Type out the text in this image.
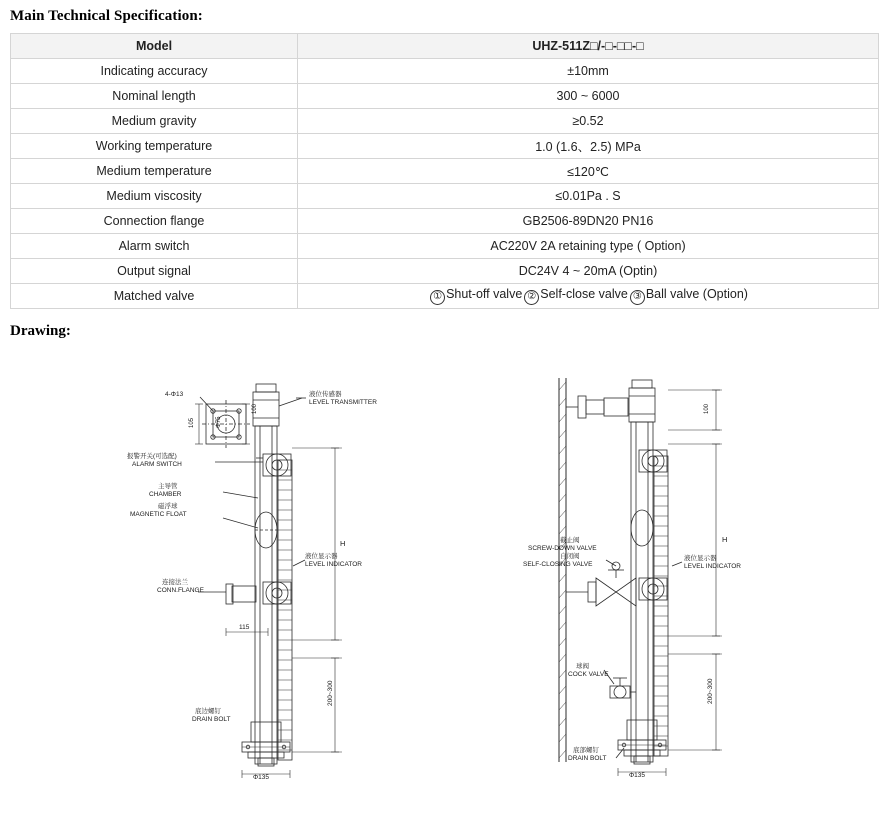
Main Technical Specification:
Model	UHZ-511Z□/-□-□□-□
Indicating accuracy	±10mm
Nominal length	300 ~ 6000
Medium gravity	≥0.52
Working temperature	1.0 (1.6、2.5) MPa
Medium temperature	≤120℃
Medium viscosity	≤0.01Pa . S
Connection flange	GB2506-89DN20 PN16
Alarm switch	AC220V 2A retaining type ( Option)
Output signal	DC24V 4 ~ 20mA (Optin)
Matched valve	① Shut-off valve ② Self-close valve ③ Ball valve (Option)
Drawing:
4-Φ13
100
105	Φ75
液位传感器
LEVEL TRANSMITTER
报警开关(可选配)
ALARM SWITCH
主导管
CHAMBER
磁浮球
MAGNETIC FLOAT
液位显示器
LEVEL INDICATOR
连接法兰
CONN.FLANGE
115
H
200~300
底边螺钉
DRAIN BOLT
Φ135
100
H
200~300
截止阀
SCREW-DOWN VALVE
自闭阀
SELF-CLOSING VALVE
液位显示器
LEVEL INDICATOR
球阀
COCK VALVE
底部螺钉
DRAIN BOLT
Φ135
